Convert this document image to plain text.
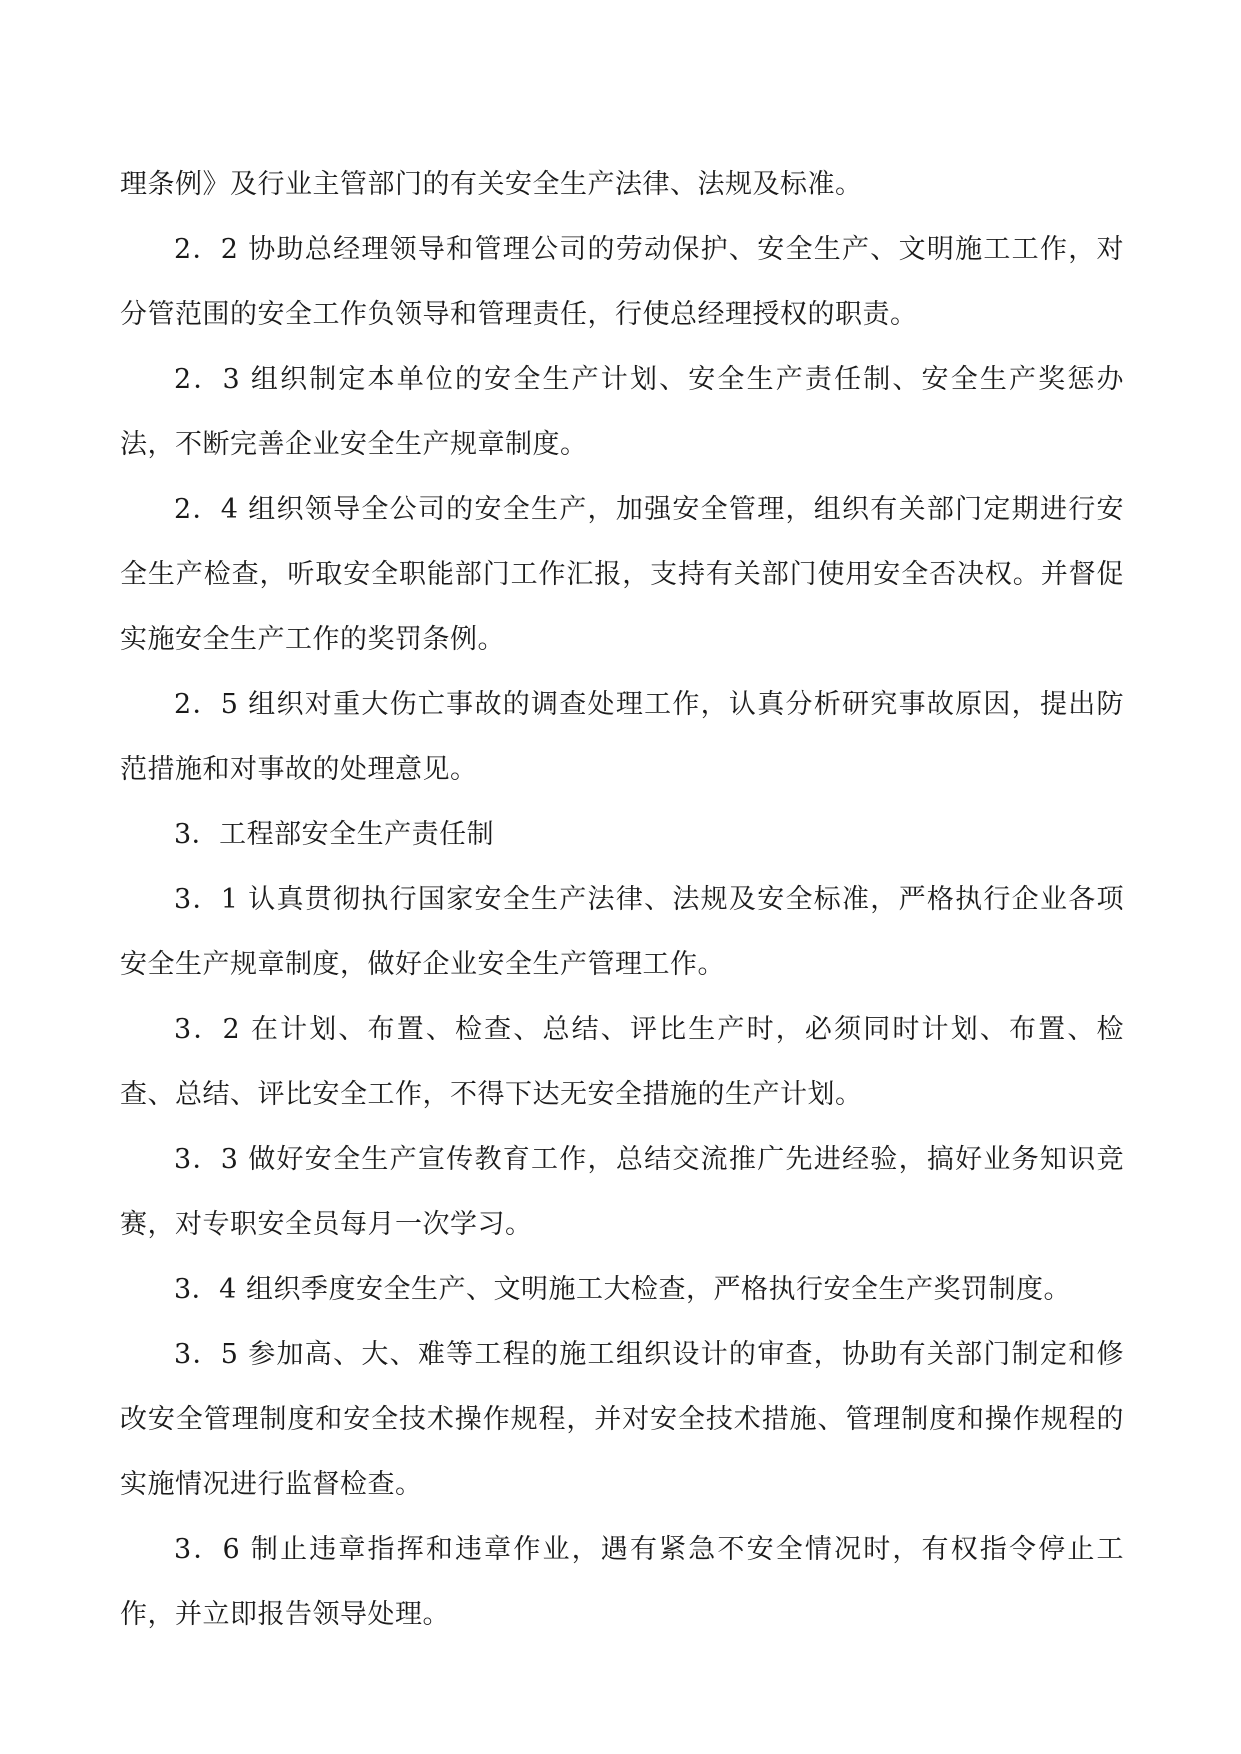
理条例》及行业主管部门的有关安全生产法律、法规及标准。

2．2 协助总经理领导和管理公司的劳动保护、安全生产、文明施工工作，对分管范围的安全工作负领导和管理责任，行使总经理授权的职责。

2．3 组织制定本单位的安全生产计划、安全生产责任制、安全生产奖惩办法，不断完善企业安全生产规章制度。

2．4 组织领导全公司的安全生产，加强安全管理，组织有关部门定期进行安全生产检查，听取安全职能部门工作汇报，支持有关部门使用安全否决权。并督促实施安全生产工作的奖罚条例。

2．5 组织对重大伤亡事故的调查处理工作，认真分析研究事故原因，提出防范措施和对事故的处理意见。

3．工程部安全生产责任制

3．1 认真贯彻执行国家安全生产法律、法规及安全标准，严格执行企业各项安全生产规章制度，做好企业安全生产管理工作。

3．2 在计划、布置、检查、总结、评比生产时，必须同时计划、布置、检查、总结、评比安全工作，不得下达无安全措施的生产计划。

3．3 做好安全生产宣传教育工作，总结交流推广先进经验，搞好业务知识竞赛，对专职安全员每月一次学习。

3．4 组织季度安全生产、文明施工大检查，严格执行安全生产奖罚制度。

3．5 参加高、大、难等工程的施工组织设计的审查，协助有关部门制定和修改安全管理制度和安全技术操作规程，并对安全技术措施、管理制度和操作规程的实施情况进行监督检查。

3．6 制止违章指挥和违章作业，遇有紧急不安全情况时，有权指令停止工作，并立即报告领导处理。
